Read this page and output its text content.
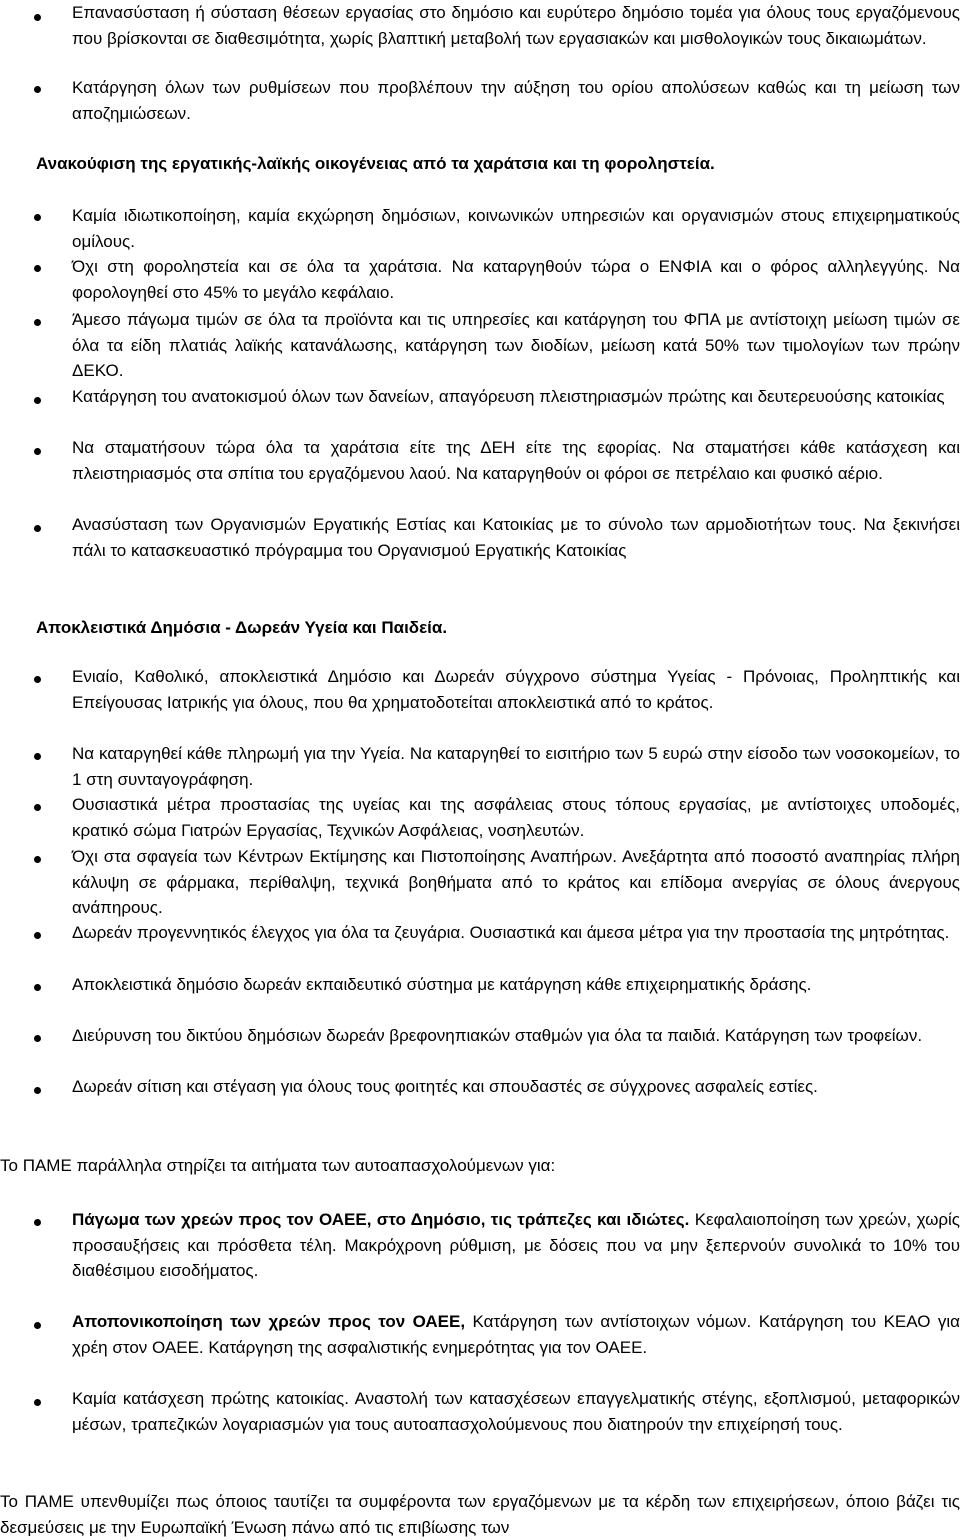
Επανασύσταση ή σύσταση θέσεων εργασίας στο δημόσιο και ευρύτερο δημόσιο τομέα για όλους τους εργαζόμενους που βρίσκονται σε διαθεσιμότητα, χωρίς βλαπτική μεταβολή των εργασιακών και μισθολογικών τους δικαιωμάτων.
Κατάργηση όλων των ρυθμίσεων που προβλέπουν την αύξηση του ορίου απολύσεων καθώς και τη μείωση των αποζημιώσεων.
Ανακούφιση της εργατικής-λαϊκής οικογένειας από τα χαράτσια και τη φοροληστεία.
Καμία ιδιωτικοποίηση, καμία εκχώρηση δημόσιων, κοινωνικών υπηρεσιών και οργανισμών στους επιχειρηματικούς ομίλους.
Όχι στη φοροληστεία και σε όλα τα χαράτσια. Να καταργηθούν τώρα ο ΕΝΦΙΑ και ο φόρος αλληλεγγύης. Να φορολογηθεί στο 45% το μεγάλο κεφάλαιο.
Άμεσο πάγωμα τιμών σε όλα τα προϊόντα και τις υπηρεσίες και κατάργηση του ΦΠΑ με αντίστοιχη μείωση τιμών σε όλα τα είδη πλατιάς λαϊκής κατανάλωσης, κατάργηση των διοδίων, μείωση κατά 50% των τιμολογίων των πρώην ΔΕΚΟ.
Κατάργηση του ανατοκισμού όλων των δανείων, απαγόρευση πλειστηριασμών πρώτης και δευτερευούσης κατοικίας
Να σταματήσουν τώρα όλα τα χαράτσια είτε της ΔΕΗ είτε της εφορίας. Να σταματήσει κάθε κατάσχεση και πλειστηριασμός στα σπίτια του εργαζόμενου λαού. Να καταργηθούν οι φόροι σε πετρέλαιο και φυσικό αέριο.
Ανασύσταση των Οργανισμών Εργατικής Εστίας και Κατοικίας με το σύνολο των αρμοδιοτήτων τους. Να ξεκινήσει πάλι το κατασκευαστικό πρόγραμμα του Οργανισμού Εργατικής Κατοικίας
Αποκλειστικά Δημόσια - Δωρεάν Υγεία και Παιδεία.
Ενιαίο, Καθολικό, αποκλειστικά Δημόσιο και Δωρεάν σύγχρονο σύστημα Υγείας - Πρόνοιας, Προληπτικής και Επείγουσας Ιατρικής για όλους, που θα χρηματοδοτείται αποκλειστικά από το κράτος.
Να καταργηθεί κάθε πληρωμή για την Υγεία. Να καταργηθεί το εισιτήριο των 5 ευρώ στην είσοδο των νοσοκομείων, το 1 στη συνταγογράφηση.
Ουσιαστικά μέτρα προστασίας της υγείας και της ασφάλειας στους τόπους εργασίας, με αντίστοιχες υποδομές, κρατικό σώμα Γιατρών Εργασίας, Τεχνικών Ασφάλειας, νοσηλευτών.
Όχι στα σφαγεία των Κέντρων Εκτίμησης και Πιστοποίησης Αναπήρων. Ανεξάρτητα από ποσοστό αναπηρίας πλήρη κάλυψη σε φάρμακα, περίθαλψη, τεχνικά βοηθήματα από το κράτος και επίδομα ανεργίας σε όλους άνεργους ανάπηρους.
Δωρεάν προγεννητικός έλεγχος για όλα τα ζευγάρια. Ουσιαστικά και άμεσα μέτρα για την προστασία της μητρότητας.
Αποκλειστικά δημόσιο δωρεάν εκπαιδευτικό σύστημα με κατάργηση κάθε επιχειρηματικής δράσης.
Διεύρυνση του δικτύου δημόσιων δωρεάν βρεφονηπιακών σταθμών για όλα τα παιδιά. Κατάργηση των τροφείων.
Δωρεάν σίτιση και στέγαση για όλους τους φοιτητές και σπουδαστές σε σύγχρονες ασφαλείς εστίες.
Το ΠΑΜΕ παράλληλα στηρίζει τα αιτήματα των αυτοαπασχολούμενων για:
Πάγωμα των χρεών προς τον ΟΑΕΕ, στο Δημόσιο, τις τράπεζες και ιδιώτες. Κεφαλαιοποίηση των χρεών, χωρίς προσαυξήσεις και πρόσθετα τέλη. Μακρόχρονη ρύθμιση, με δόσεις που να μην ξεπερνούν συνολικά το 10% του διαθέσιμου εισοδήματος.
Αποπονικοποίηση των χρεών προς τον ΟΑΕΕ, Κατάργηση των αντίστοιχων νόμων. Κατάργηση του ΚΕΑΟ για χρέη στον ΟΑΕΕ. Κατάργηση της ασφαλιστικής ενημερότητας για τον ΟΑΕΕ.
Καμία κατάσχεση πρώτης κατοικίας. Αναστολή των κατασχέσεων επαγγελματικής στέγης, εξοπλισμού, μεταφορικών μέσων, τραπεζικών λογαριασμών για τους αυτοαπασχολούμενους που διατηρούν την επιχείρησή τους.
Το ΠΑΜΕ υπενθυμίζει πως όποιος ταυτίζει τα συμφέροντα των εργαζόμενων με τα κέρδη των επιχειρήσεων, όποιο βάζει τις δεσμεύσεις με την Ευρωπαϊκή Ένωση πάνω από τις επιβίωσης των
